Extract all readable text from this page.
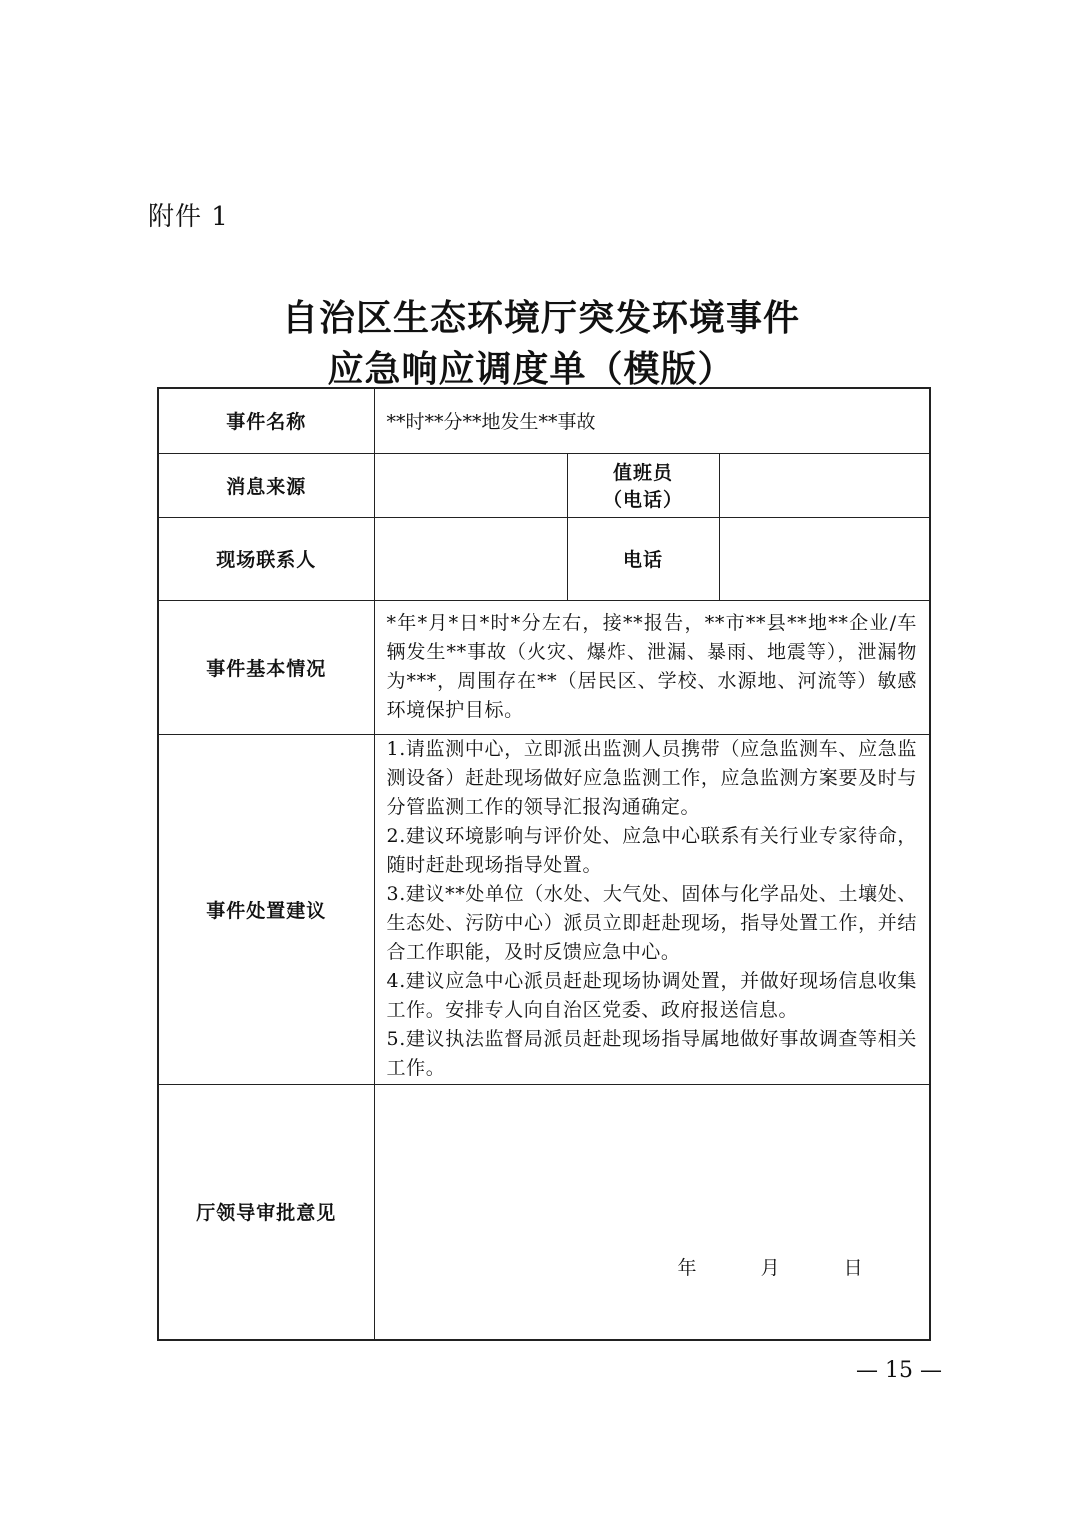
附件 1
自治区生态环境厅突发环境事件
应急响应调度单（模版）
事件名称	**时**分**地发生**事故		
消息来源		值班员
（电话）	

现场联系人		电话	
事件基本情况	*年*月*日*时*分左右，接**报告，**市**县**地**企业/车辆发生**事故（火灾、爆炸、泄漏、暴雨、地震等），泄漏物为***，周围存在**（居民区、学校、水源地、河流等）敏感环境保护目标。		
事件处置建议	1.请监测中心，立即派出监测人员携带（应急监测车、应急监测设备）赶赴现场做好应急监测工作，应急监测方案要及时与分管监测工作的领导汇报沟通确定。
2.建议环境影响与评价处、应急中心联系有关行业专家待命，随时赶赴现场指导处置。
3.建议**处单位（水处、大气处、固体与化学品处、土壤处、生态处、污防中心）派员立即赶赴现场，指导处置工作，并结合工作职能，及时反馈应急中心。
4.建议应急中心派员赶赴现场协调处置，并做好现场信息收集工作。安排专人向自治区党委、政府报送信息。
5.建议执法监督局派员赶赴现场指导属地做好事故调查等相关工作。		

厅领导审批意见	年 月 日		
— 15 —
